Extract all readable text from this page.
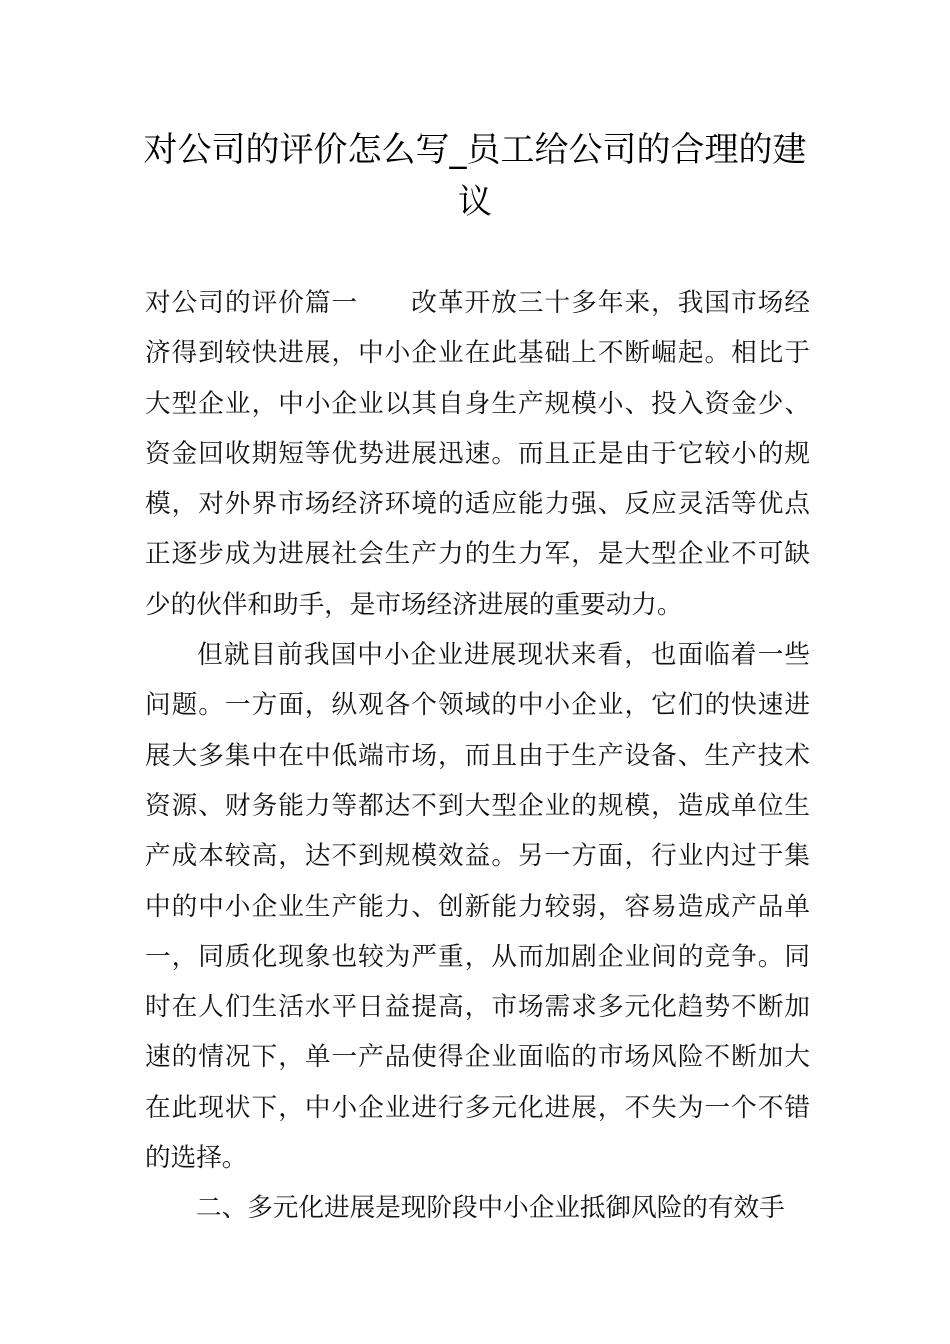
对公司的评价怎么写_员工给公司的合理的建议

对公司的评价篇一 改革开放三十多年来，我国市场经济得到较快进展，中小企业在此基础上不断崛起。相比于大型企业，中小企业以其自身生产规模小、投入资金少、资金回收期短等优势进展迅速。而且正是由于它较小的规模，对外界市场经济环境的适应能力强、反应灵活等优点正逐步成为进展社会生产力的生力军，是大型企业不可缺少的伙伴和助手，是市场经济进展的重要动力。

但就目前我国中小企业进展现状来看，也面临着一些问题。一方面，纵观各个领域的中小企业，它们的快速进展大多集中在中低端市场，而且由于生产设备、生产技术资源、财务能力等都达不到大型企业的规模，造成单位生产成本较高，达不到规模效益。另一方面，行业内过于集中的中小企业生产能力、创新能力较弱，容易造成产品单一，同质化现象也较为严重，从而加剧企业间的竞争。同时在人们生活水平日益提高，市场需求多元化趋势不断加速的情况下，单一产品使得企业面临的市场风险不断加大在此现状下，中小企业进行多元化进展，不失为一个不错的选择。

二、多元化进展是现阶段中小企业抵御风险的有效手
